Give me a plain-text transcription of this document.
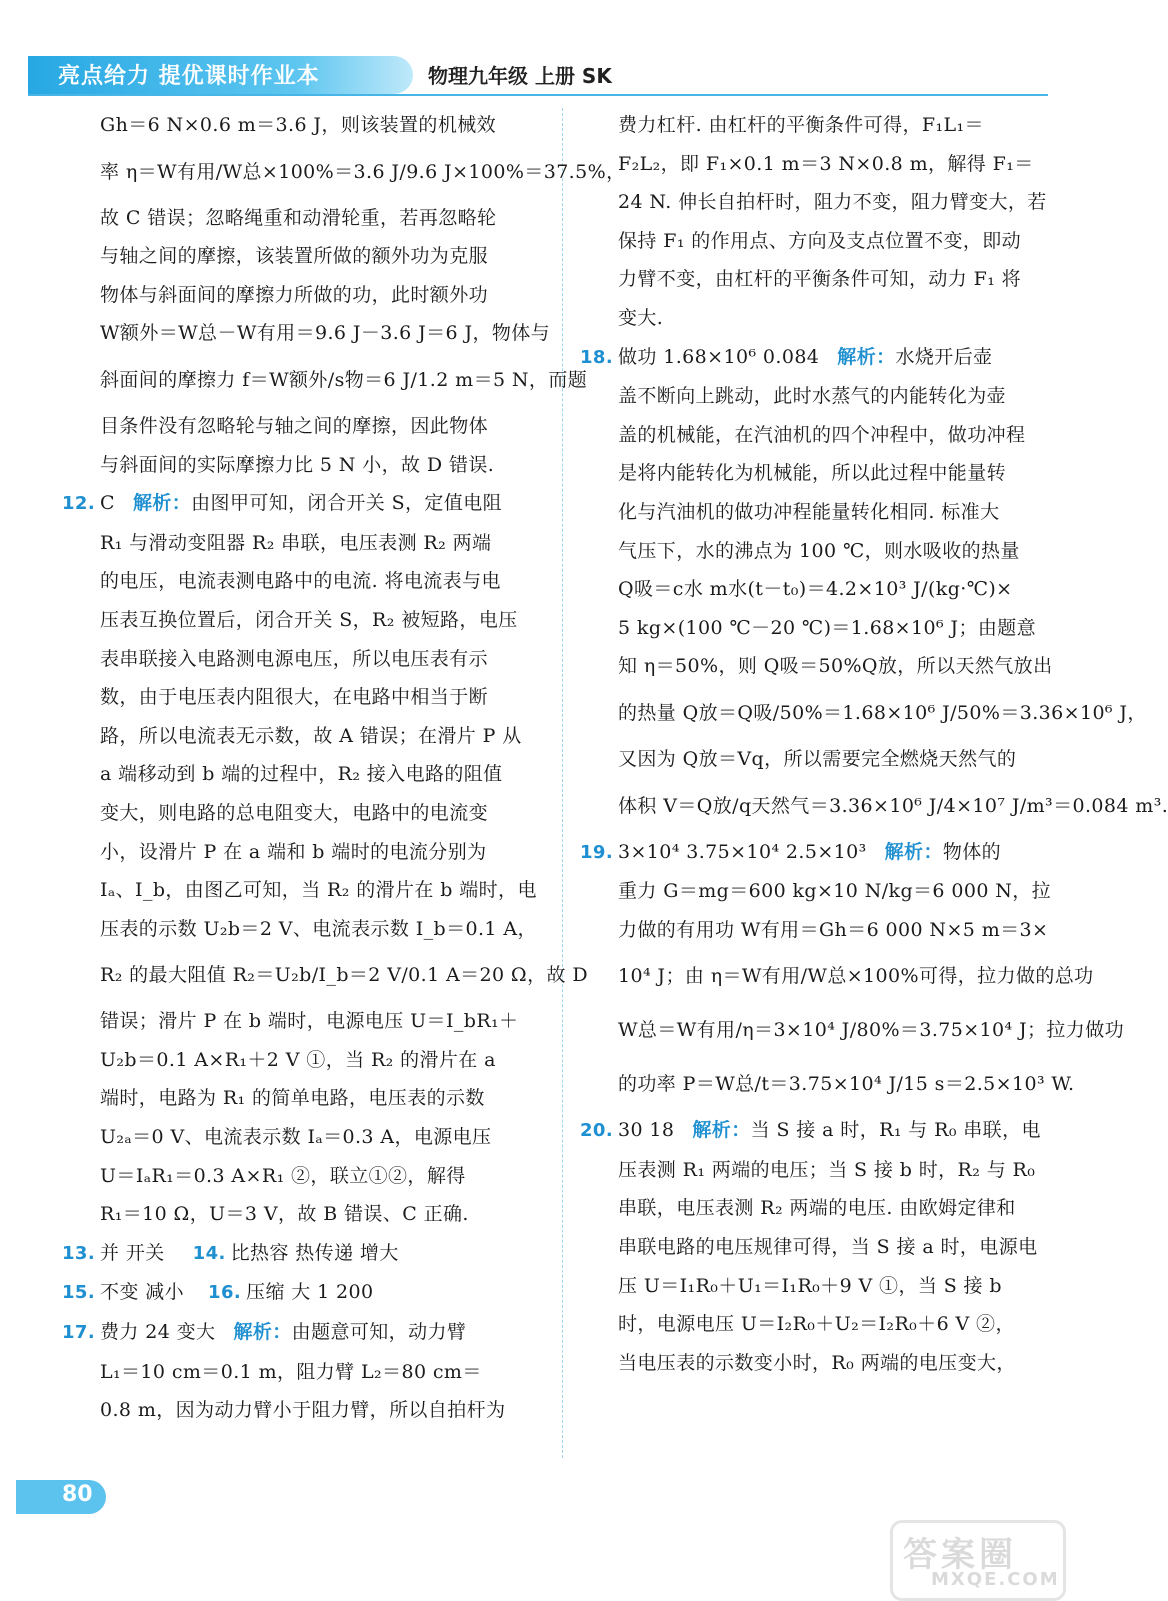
亮点给力 提优课时作业本	物理九年级 上册 SK
Gh＝6 N×0.6 m＝3.6 J，则该装置的机械效
率 η＝W有用/W总×100%＝3.6 J/9.6 J×100%＝37.5%，
故 C 错误；忽略绳重和动滑轮重，若再忽略轮
与轴之间的摩擦，该装置所做的额外功为克服
物体与斜面间的摩擦力所做的功，此时额外功
W额外＝W总－W有用＝9.6 J－3.6 J＝6 J，物体与
斜面间的摩擦力 f＝W额外/s物＝6 J/1.2 m＝5 N，而题
目条件没有忽略轮与轴之间的摩擦，因此物体
与斜面间的实际摩擦力比 5 N 小，故 D 错误.
12. C 解析：由图甲可知，闭合开关 S，定值电阻
R₁ 与滑动变阻器 R₂ 串联，电压表测 R₂ 两端
的电压，电流表测电路中的电流. 将电流表与电
压表互换位置后，闭合开关 S，R₂ 被短路，电压
表串联接入电路测电源电压，所以电压表有示
数，由于电压表内阻很大，在电路中相当于断
路，所以电流表无示数，故 A 错误；在滑片 P 从
a 端移动到 b 端的过程中，R₂ 接入电路的阻值
变大，则电路的总电阻变大，电路中的电流变
小，设滑片 P 在 a 端和 b 端时的电流分别为
Iₐ、I_b，由图乙可知，当 R₂ 的滑片在 b 端时，电
压表的示数 U₂b＝2 V、电流表示数 I_b＝0.1 A，
R₂ 的最大阻值 R₂＝U₂b/I_b＝2 V/0.1 A＝20 Ω，故 D
错误；滑片 P 在 b 端时，电源电压 U＝I_bR₁＋
U₂b＝0.1 A×R₁＋2 V ①，当 R₂ 的滑片在 a
端时，电路为 R₁ 的简单电路，电压表的示数
U₂ₐ＝0 V、电流表示数 Iₐ＝0.3 A，电源电压
U＝IₐR₁＝0.3 A×R₁ ②，联立①②，解得
R₁＝10 Ω，U＝3 V，故 B 错误、C 正确.
13. 并 开关 14. 比热容 热传递 增大
15. 不变 减小 16. 压缩 大 1 200
17. 费力 24 变大 解析：由题意可知，动力臂
L₁＝10 cm＝0.1 m，阻力臂 L₂＝80 cm＝
0.8 m，因为动力臂小于阻力臂，所以自拍杆为
费力杠杆. 由杠杆的平衡条件可得，F₁L₁＝
F₂L₂，即 F₁×0.1 m＝3 N×0.8 m，解得 F₁＝
24 N. 伸长自拍杆时，阻力不变，阻力臂变大，若
保持 F₁ 的作用点、方向及支点位置不变，即动
力臂不变，由杠杆的平衡条件可知，动力 F₁ 将
变大.
18. 做功 1.68×10⁶ 0.084 解析：水烧开后壶
盖不断向上跳动，此时水蒸气的内能转化为壶
盖的机械能，在汽油机的四个冲程中，做功冲程
是将内能转化为机械能，所以此过程中能量转
化与汽油机的做功冲程能量转化相同. 标准大
气压下，水的沸点为 100 ℃，则水吸收的热量
Q吸＝c水 m水(t－t₀)＝4.2×10³ J/(kg·℃)×
5 kg×(100 ℃－20 ℃)＝1.68×10⁶ J；由题意
知 η＝50%，则 Q吸＝50%Q放，所以天然气放出
的热量 Q放＝Q吸/50%＝1.68×10⁶ J/50%＝3.36×10⁶ J，
又因为 Q放＝Vq，所以需要完全燃烧天然气的
体积 V＝Q放/q天然气＝3.36×10⁶ J/4×10⁷ J/m³＝0.084 m³.
19. 3×10⁴ 3.75×10⁴ 2.5×10³ 解析：物体的
重力 G＝mg＝600 kg×10 N/kg＝6 000 N，拉
力做的有用功 W有用＝Gh＝6 000 N×5 m＝3×
10⁴ J；由 η＝W有用/W总×100%可得，拉力做的总功
W总＝W有用/η＝3×10⁴ J/80%＝3.75×10⁴ J；拉力做功
的功率 P＝W总/t＝3.75×10⁴ J/15 s＝2.5×10³ W.
20. 30 18 解析：当 S 接 a 时，R₁ 与 R₀ 串联，电
压表测 R₁ 两端的电压；当 S 接 b 时，R₂ 与 R₀
串联，电压表测 R₂ 两端的电压. 由欧姆定律和
串联电路的电压规律可得，当 S 接 a 时，电源电
压 U＝I₁R₀＋U₁＝I₁R₀＋9 V ①，当 S 接 b
时，电源电压 U＝I₂R₀＋U₂＝I₂R₀＋6 V ②，
当电压表的示数变小时，R₀ 两端的电压变大，
80
答案圈
MXQE.COM
